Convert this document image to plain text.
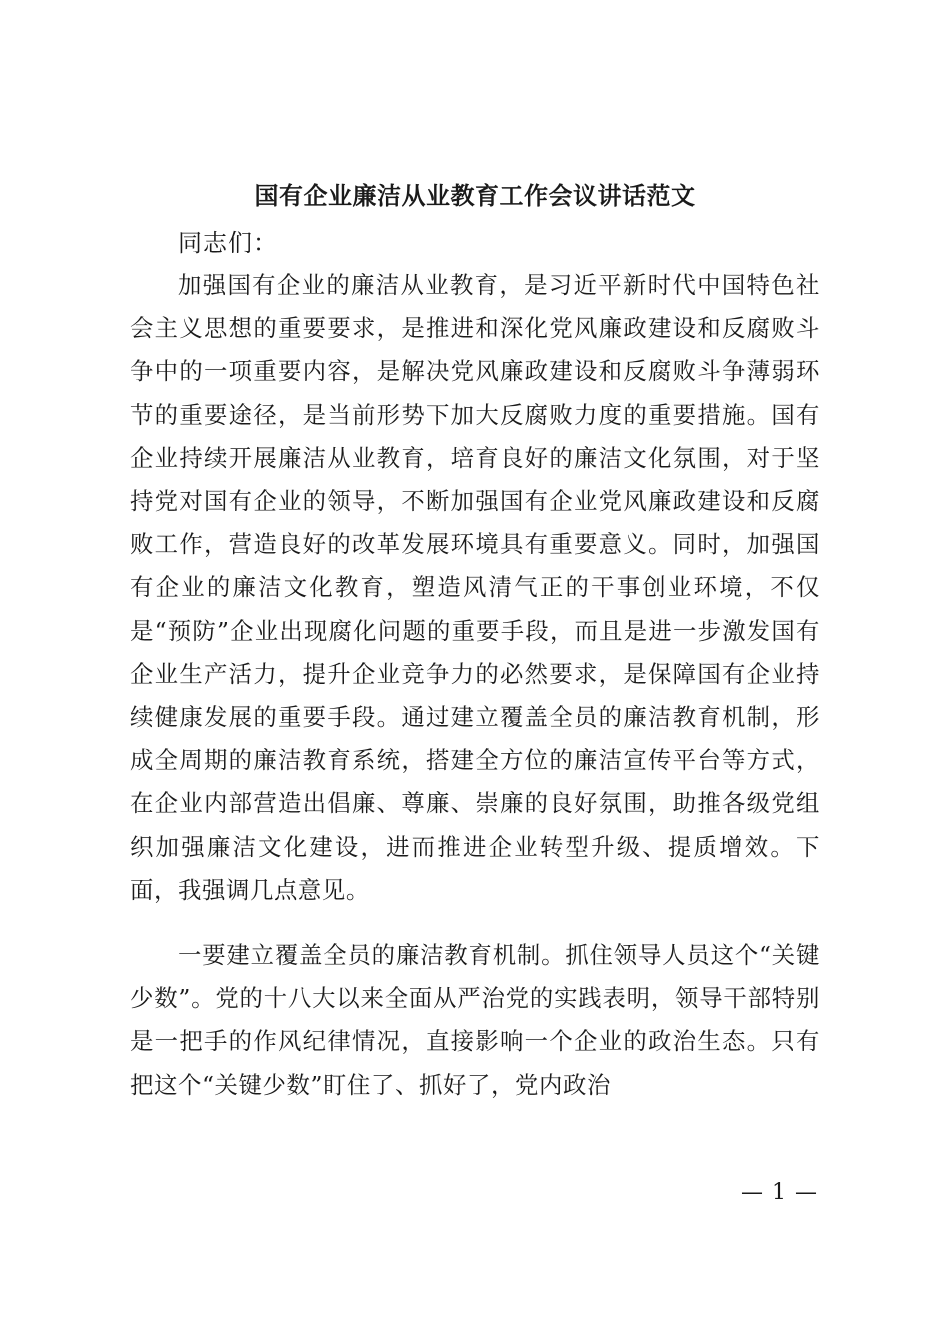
国有企业廉洁从业教育工作会议讲话范文

同志们：

加强国有企业的廉洁从业教育，是习近平新时代中国特色社会主义思想的重要要求，是推进和深化党风廉政建设和反腐败斗争中的一项重要内容，是解决党风廉政建设和反腐败斗争薄弱环节的重要途径，是当前形势下加大反腐败力度的重要措施。国有企业持续开展廉洁从业教育，培育良好的廉洁文化氛围，对于坚持党对国有企业的领导，不断加强国有企业党风廉政建设和反腐败工作，营造良好的改革发展环境具有重要意义。同时，加强国有企业的廉洁文化教育，塑造风清气正的干事创业环境，不仅是“预防”企业出现腐化问题的重要手段，而且是进一步激发国有企业生产活力，提升企业竞争力的必然要求，是保障国有企业持续健康发展的重要手段。通过建立覆盖全员的廉洁教育机制，形成全周期的廉洁教育系统，搭建全方位的廉洁宣传平台等方式，在企业内部营造出倡廉、尊廉、崇廉的良好氛围，助推各级党组织加强廉洁文化建设，进而推进企业转型升级、提质增效。下面，我强调几点意见。

一要建立覆盖全员的廉洁教育机制。抓住领导人员这个“关键少数”。党的十八大以来全面从严治党的实践表明，领导干部特别是一把手的作风纪律情况，直接影响一个企业的政治生态。只有把这个“关键少数”盯住了、抓好了，党内政治

— 1 —
